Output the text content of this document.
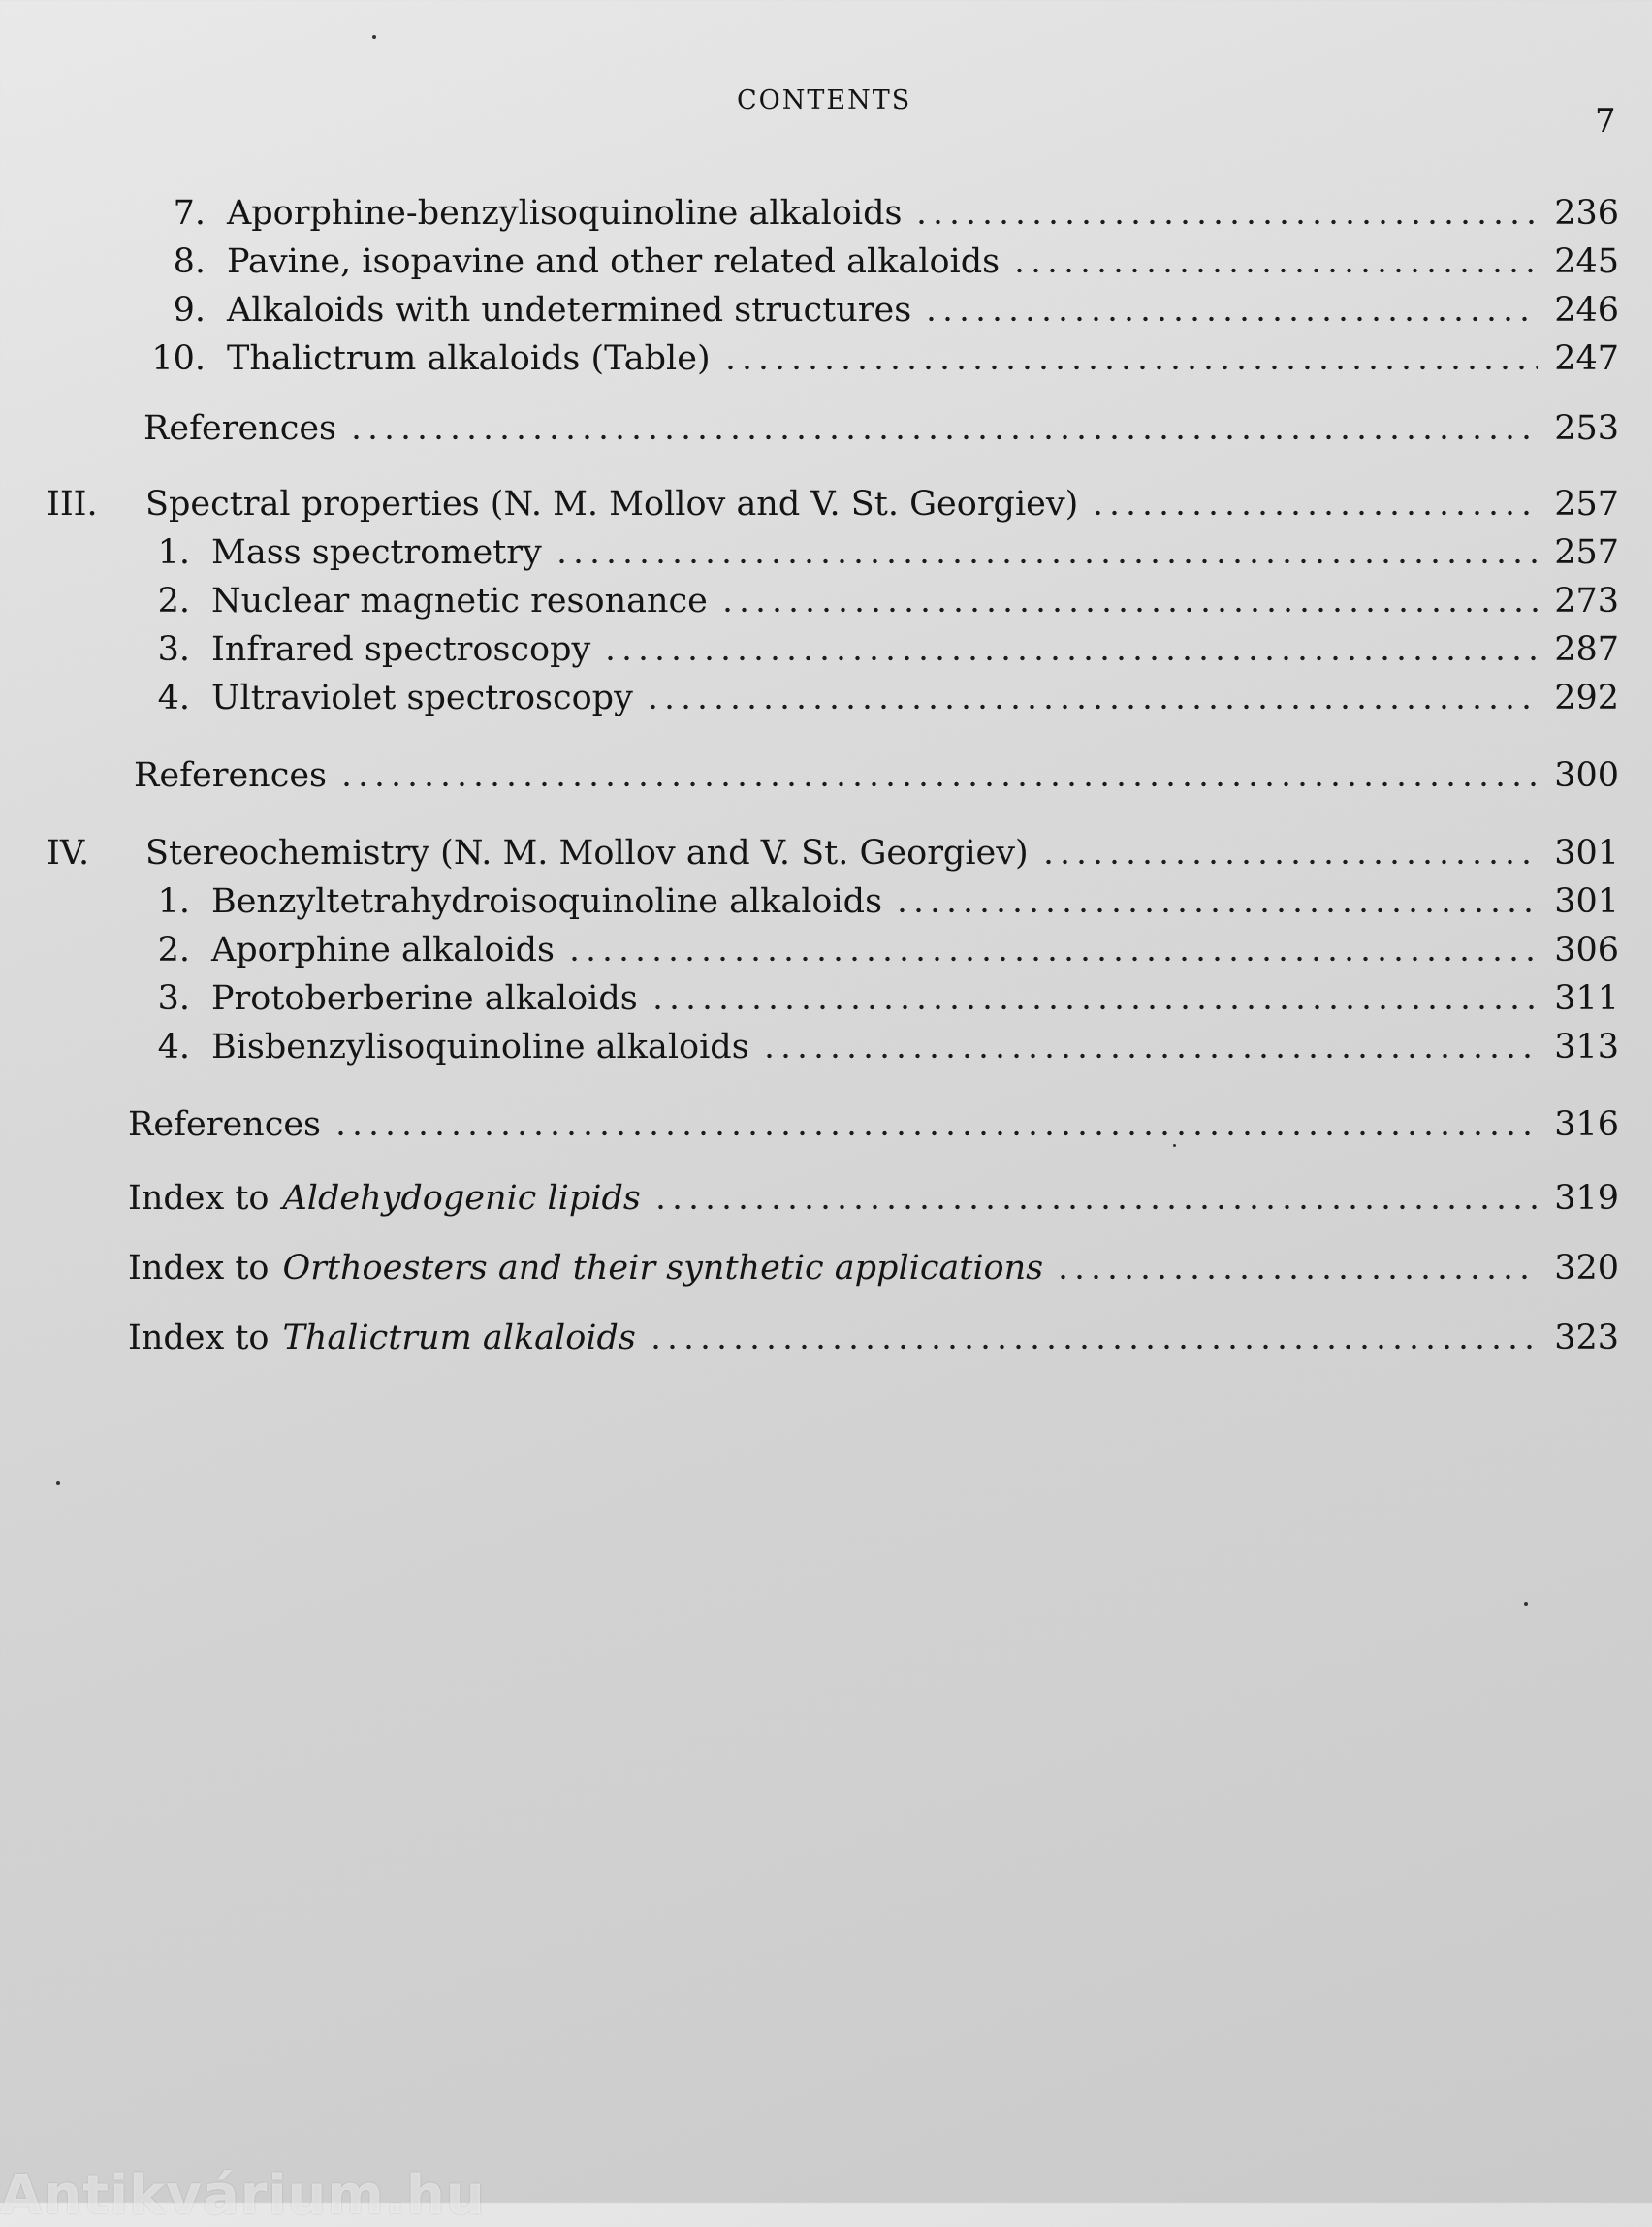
CONTENTS
7
7. Aporphine-benzylisoquinoline alkaloids	236
8. Pavine, isopavine and other related alkaloids	245
9. Alkaloids with undetermined structures	246
10. Thalictrum alkaloids (Table)	247
References	253
III.	Spectral properties (N. M. Mollov and V. St. Georgiev)	257
1. Mass spectrometry	257
2. Nuclear magnetic resonance	273
3. Infrared spectroscopy	287
4. Ultraviolet spectroscopy	292
References	300
IV.	Stereochemistry (N. M. Mollov and V. St. Georgiev)	301
1. Benzyltetrahydroisoquinoline alkaloids	301
2. Aporphine alkaloids	306
3. Protoberberine alkaloids	311
4. Bisbenzylisoquinoline alkaloids	313
References	316
Index to Aldehydogenic lipids	319
Index to Orthoesters and their synthetic applications	320
Index to Thalictrum alkaloids	323
Antikvárium.hu
